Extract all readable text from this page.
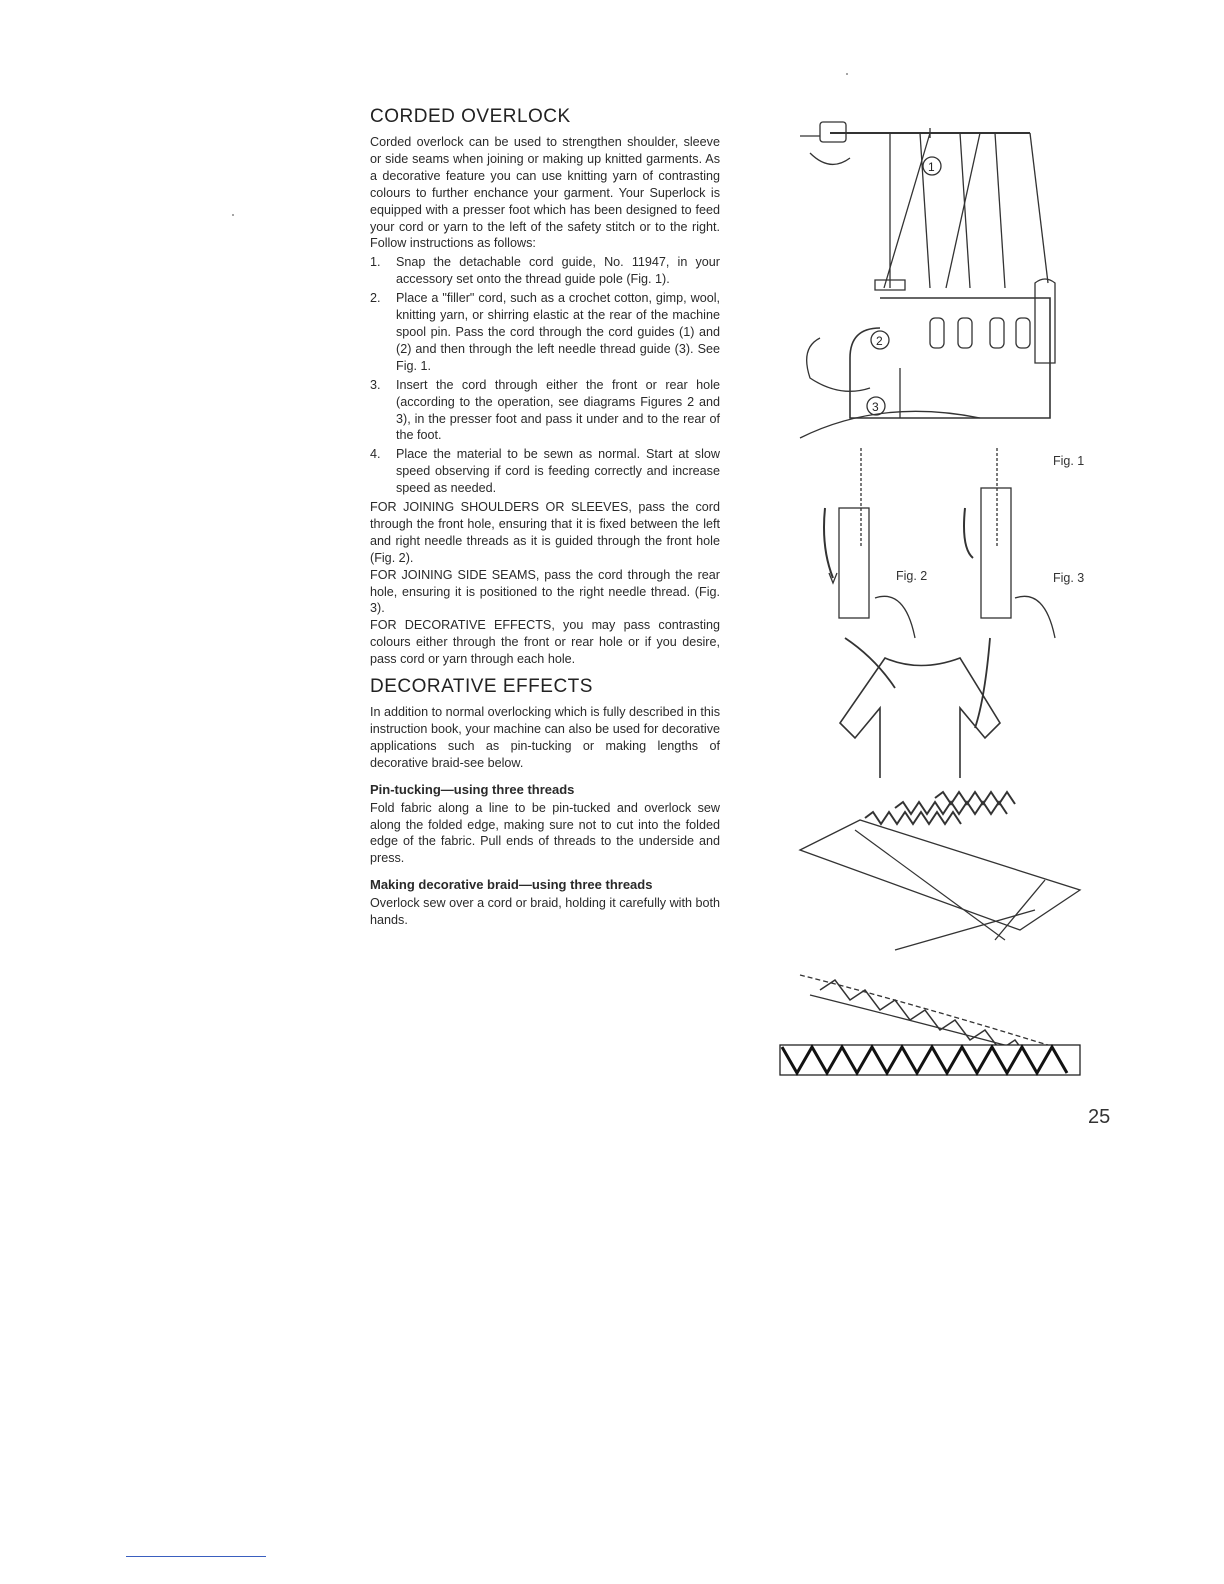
CORDED OVERLOCK

Corded overlock can be used to strengthen shoulder, sleeve or side seams when joining or making up knitted garments. As a decorative feature you can use knitting yarn of contrasting colours to further enchance your garment. Your Superlock is equipped with a presser foot which has been designed to feed your cord or yarn to the left of the safety stitch or to the right. Follow instructions as follows:

1. Snap the detachable cord guide, No. 11947, in your accessory set onto the thread guide pole (Fig. 1).
2. Place a "filler" cord, such as a crochet cotton, gimp, wool, knitting yarn, or shirring elastic at the rear of the machine spool pin. Pass the cord through the cord guides (1) and (2) and then through the left needle thread guide (3). See Fig. 1.
3. Insert the cord through either the front or rear hole (according to the operation, see diagrams Figures 2 and 3), in the presser foot and pass it under and to the rear of the foot.
4. Place the material to be sewn as normal. Start at slow speed observing if cord is feeding correctly and increase speed as needed.

FOR JOINING SHOULDERS OR SLEEVES, pass the cord through the front hole, ensuring that it is fixed between the left and right needle threads as it is guided through the front hole (Fig. 2).

FOR JOINING SIDE SEAMS, pass the cord through the rear hole, ensuring it is positioned to the right needle thread. (Fig. 3).

FOR DECORATIVE EFFECTS, you may pass contrasting colours either through the front or rear hole or if you desire, pass cord or yarn through each hole.

DECORATIVE EFFECTS

In addition to normal overlocking which is fully described in this instruction book, your machine can also be used for decorative applications such as pin-tucking or making lengths of decorative braid-see below.

Pin-tucking—using three threads

Fold fabric along a line to be pin-tucked and overlock sew along the folded edge, making sure not to cut into the folded edge of the fabric. Pull ends of threads to the underside and press.

Making decorative braid—using three threads

Overlock sew over a cord or braid, holding it carefully with both hands.

1
2
3
Fig. 1
Fig. 2	Fig. 3
25
